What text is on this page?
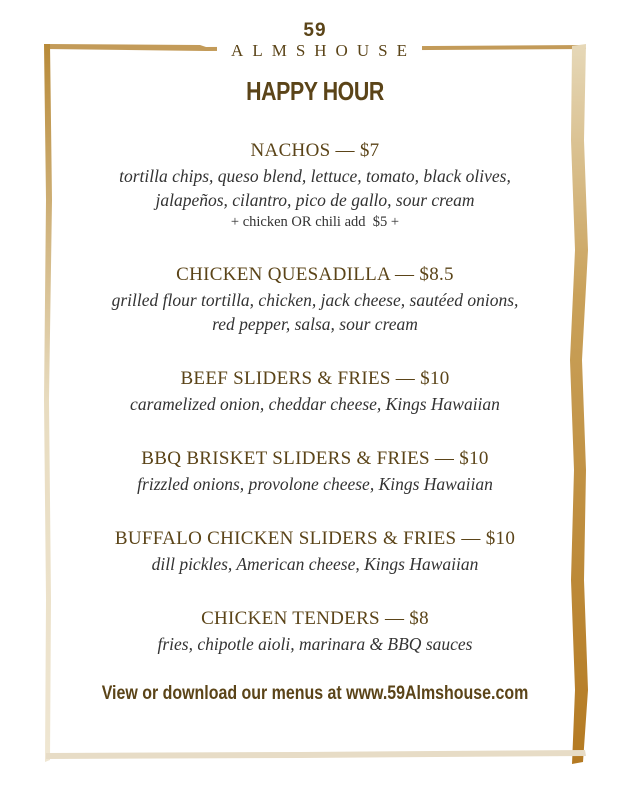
59
ALMSHOUSE
HAPPY HOUR
NACHOS — $7
tortilla chips, queso blend, lettuce, tomato, black olives,
jalapeños, cilantro, pico de gallo, sour cream
+ chicken OR chili add  $5 +
CHICKEN QUESADILLA — $8.5
grilled flour tortilla, chicken, jack cheese, sautéed onions,
red pepper, salsa, sour cream
BEEF SLIDERS & FRIES — $10
caramelized onion, cheddar cheese, Kings Hawaiian
BBQ BRISKET SLIDERS & FRIES — $10
frizzled onions, provolone cheese, Kings Hawaiian
BUFFALO CHICKEN SLIDERS & FRIES — $10
dill pickles, American cheese, Kings Hawaiian
CHICKEN TENDERS — $8
fries, chipotle aioli, marinara & BBQ sauces
View or download our menus at www.59Almshouse.com
